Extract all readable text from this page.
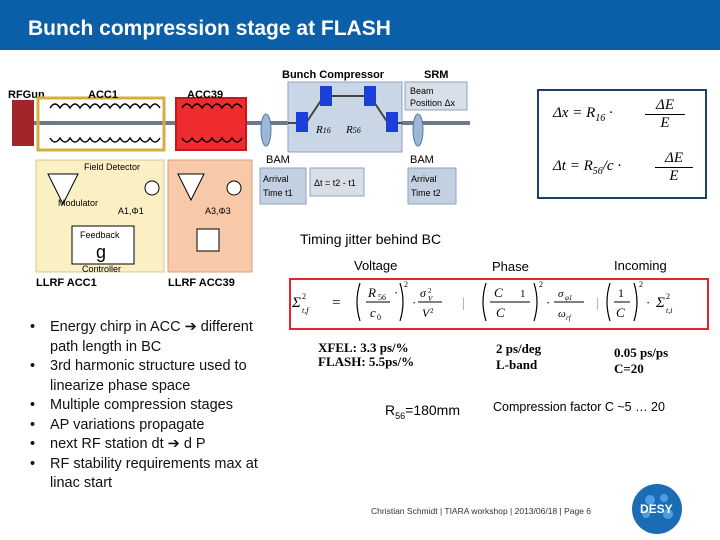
Bunch compression stage at FLASH
RFGun	ACC1	ACC39
Bunch Compressor	SRM
R16 R56
Beam
Position Δx
BAM	BAM
Arrival
Time t1
Δt = t2 - t1	Arrival
Time t2
Field Detector
Modulator
A1,Φ1	A3,Φ3
Feedback
g
Controller
LLRF ACC1	LLRF ACC39
$\Delta x = R_{16}$ ·	ΔE
E
$\Delta t = R_{56}/c$ ·	ΔE
E
Timing jitter behind BC
Voltage	Phase	Incoming
Σ 2
t,f =
R 56
c 0
·
2
·
σ 2
V
V 2 |
C 1
C
2
·
σ φ1
ω rf
|
1
C
2
· Σ 2
t,i
XFEL: 3.3 ps/%
FLASH: 5.5ps/%
2 ps/deg
L-band
0.05 ps/ps
C=20
$R_{56}=180mm$	Compression factor C ~5 … 20
• Energy chirp in ACC ➔ different path length in BC
• 3rd harmonic structure used to linearize phase space
• Multiple compression stages
• AP variations propagate
• next RF station dt ➔ d P
• RF stability requirements max at linac start
Christian Schmidt | TIARA workshop | 2013/06/18 | Page 6	DESY
